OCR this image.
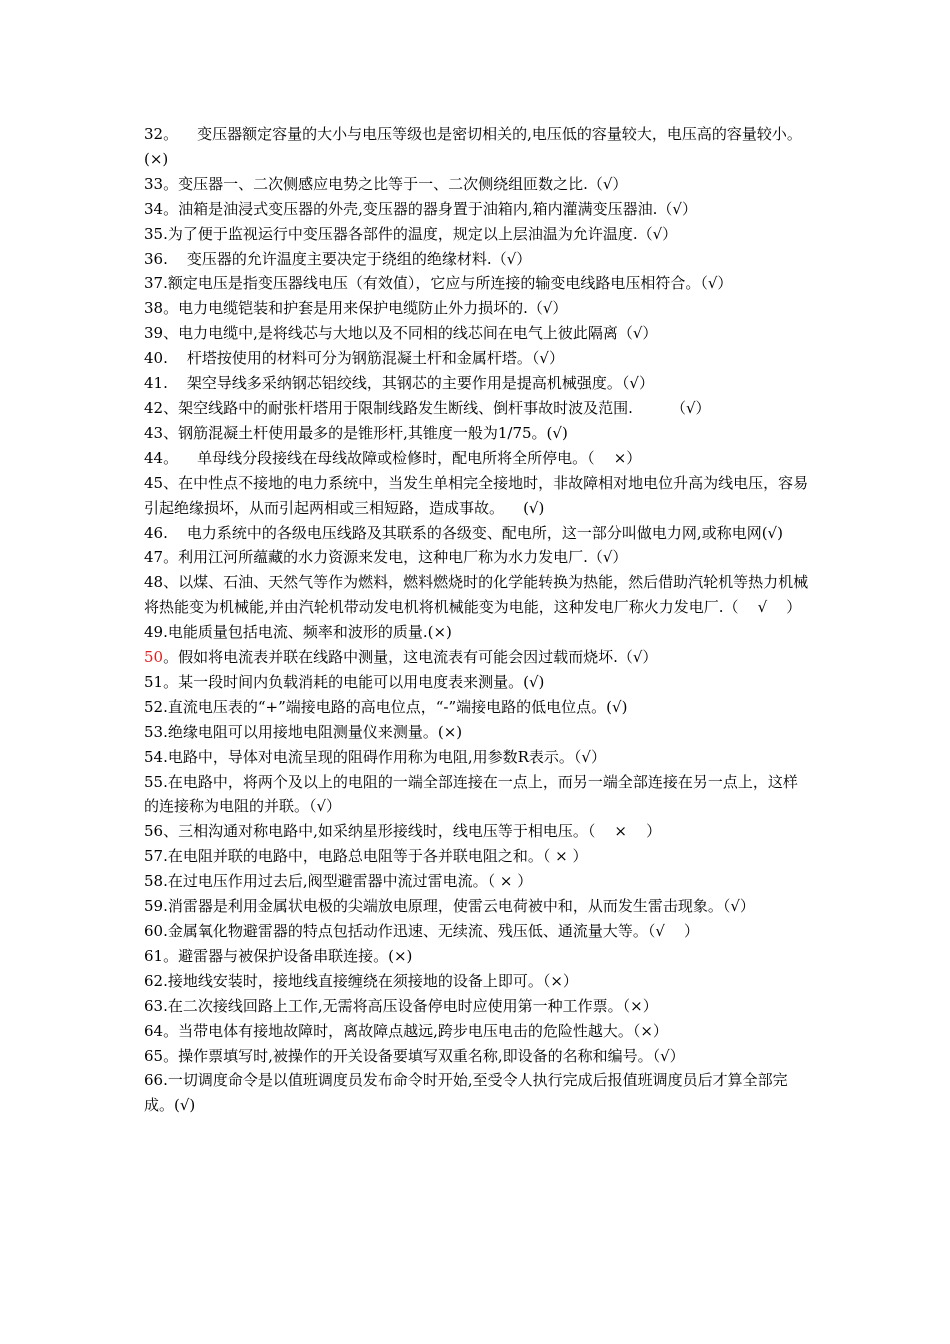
32。    变压器额定容量的大小与电压等级也是密切相关的,电压低的容量较大，电压高的容量较小。(×)
33。变压器一、二次侧感应电势之比等于一、二次侧绕组匝数之比.（√）
34。油箱是油浸式变压器的外壳,变压器的器身置于油箱内,箱内灌满变压器油.（√）
35.为了便于监视运行中变压器各部件的温度，规定以上层油温为允许温度.（√）
36.    变压器的允许温度主要决定于绕组的绝缘材料.（√）
37.额定电压是指变压器线电压（有效值），它应与所连接的输变电线路电压相符合。（√）
38。电力电缆铠装和护套是用来保护电缆防止外力损坏的.（√）
39、电力电缆中,是将线芯与大地以及不同相的线芯间在电气上彼此隔离（√）
40.    杆塔按使用的材料可分为钢筋混凝土杆和金属杆塔。（√）
41.    架空导线多采纳钢芯铝绞线，其钢芯的主要作用是提高机械强度。（√）
42、架空线路中的耐张杆塔用于限制线路发生断线、倒杆事故时波及范围.        （√）
43、钢筋混凝土杆使用最多的是锥形杆,其锥度一般为1/75。(√)
44。    单母线分段接线在母线故障或检修时，配电所将全所停电。（    ×）
45、在中性点不接地的电力系统中，当发生单相完全接地时，非故障相对地电位升高为线电压，容易引起绝缘损坏，从而引起两相或三相短路，造成事故。    (√)
46.    电力系统中的各级电压线路及其联系的各级变、配电所，这一部分叫做电力网,或称电网(√)
47。利用江河所蕴藏的水力资源来发电，这种电厂称为水力发电厂.（√）
48、以煤、石油、天然气等作为燃料，燃料燃烧时的化学能转换为热能，然后借助汽轮机等热力机械将热能变为机械能,并由汽轮机带动发电机将机械能变为电能，这种发电厂称火力发电厂.（    √    ）
49.电能质量包括电流、频率和波形的质量.(×)
50。假如将电流表并联在线路中测量，这电流表有可能会因过载而烧坏.（√）
51。某一段时间内负载消耗的电能可以用电度表来测量。(√)
52.直流电压表的“+”端接电路的高电位点，“-”端接电路的低电位点。(√)
53.绝缘电阻可以用接地电阻测量仪来测量。(×)
54.电路中，导体对电流呈现的阻碍作用称为电阻,用参数R表示。（√）
55.在电路中，将两个及以上的电阻的一端全部连接在一点上，而另一端全部连接在另一点上，这样的连接称为电阻的并联。（√）
56、三相沟通对称电路中,如采纳星形接线时，线电压等于相电压。（    ×    ）
57.在电阻并联的电路中，电路总电阻等于各并联电阻之和。（ × ）
58.在过电压作用过去后,阀型避雷器中流过雷电流。（ × ）
59.消雷器是利用金属状电极的尖端放电原理，使雷云电荷被中和，从而发生雷击现象。（√）
60.金属氧化物避雷器的特点包括动作迅速、无续流、残压低、通流量大等。（√    ）
61。避雷器与被保护设备串联连接。(×)
62.接地线安装时，接地线直接缠绕在须接地的设备上即可。（×）
63.在二次接线回路上工作,无需将高压设备停电时应使用第一种工作票。（×）
64。当带电体有接地故障时，离故障点越远,跨步电压电击的危险性越大。（×）
65。操作票填写时,被操作的开关设备要填写双重名称,即设备的名称和编号。（√）
66.一切调度命令是以值班调度员发布命令时开始,至受令人执行完成后报值班调度员后才算全部完成。(√)
